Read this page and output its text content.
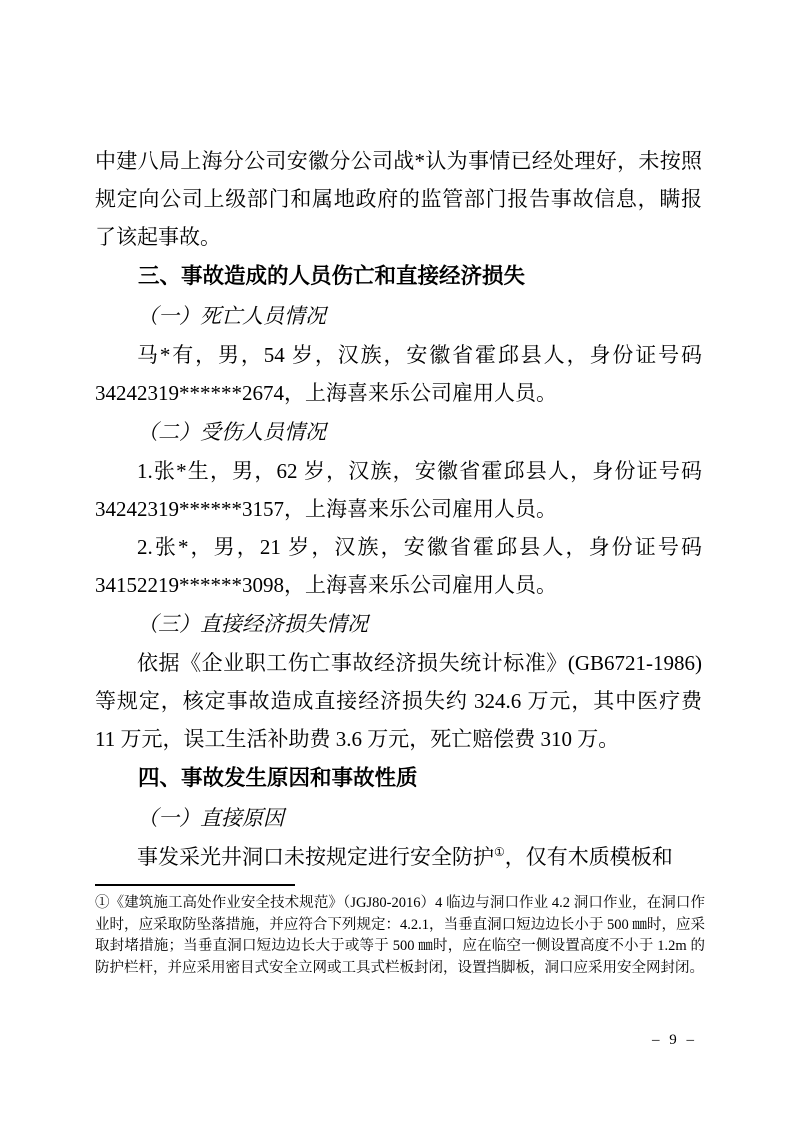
中建八局上海分公司安徽分公司战*认为事情已经处理好，未按照规定向公司上级部门和属地政府的监管部门报告事故信息，瞒报了该起事故。

三、事故造成的人员伤亡和直接经济损失

（一）死亡人员情况

马*有，男，54 岁，汉族，安徽省霍邱县人，身份证号码34242319******2674，上海喜来乐公司雇用人员。

（二）受伤人员情况

1.张*生，男，62 岁，汉族，安徽省霍邱县人，身份证号码34242319******3157，上海喜来乐公司雇用人员。

2.张*，男，21 岁，汉族，安徽省霍邱县人，身份证号码34152219******3098，上海喜来乐公司雇用人员。

（三）直接经济损失情况

依据《企业职工伤亡事故经济损失统计标准》(GB6721-1986)等规定，核定事故造成直接经济损失约 324.6 万元，其中医疗费 11 万元，误工生活补助费 3.6 万元，死亡赔偿费 310 万。

四、事故发生原因和事故性质

（一）直接原因

事发采光井洞口未按规定进行安全防护①，仅有木质模板和

①《建筑施工高处作业安全技术规范》（JGJ80-2016）4 临边与洞口作业 4.2 洞口作业，在洞口作业时，应采取防坠落措施，并应符合下列规定：4.2.1，当垂直洞口短边边长小于 500 ㎜时，应采取封堵措施；当垂直洞口短边边长大于或等于 500 ㎜时，应在临空一侧设置高度不小于 1.2m 的防护栏杆，并应采用密目式安全立网或工具式栏板封闭，设置挡脚板，洞口应采用安全网封闭。

– 9 –
